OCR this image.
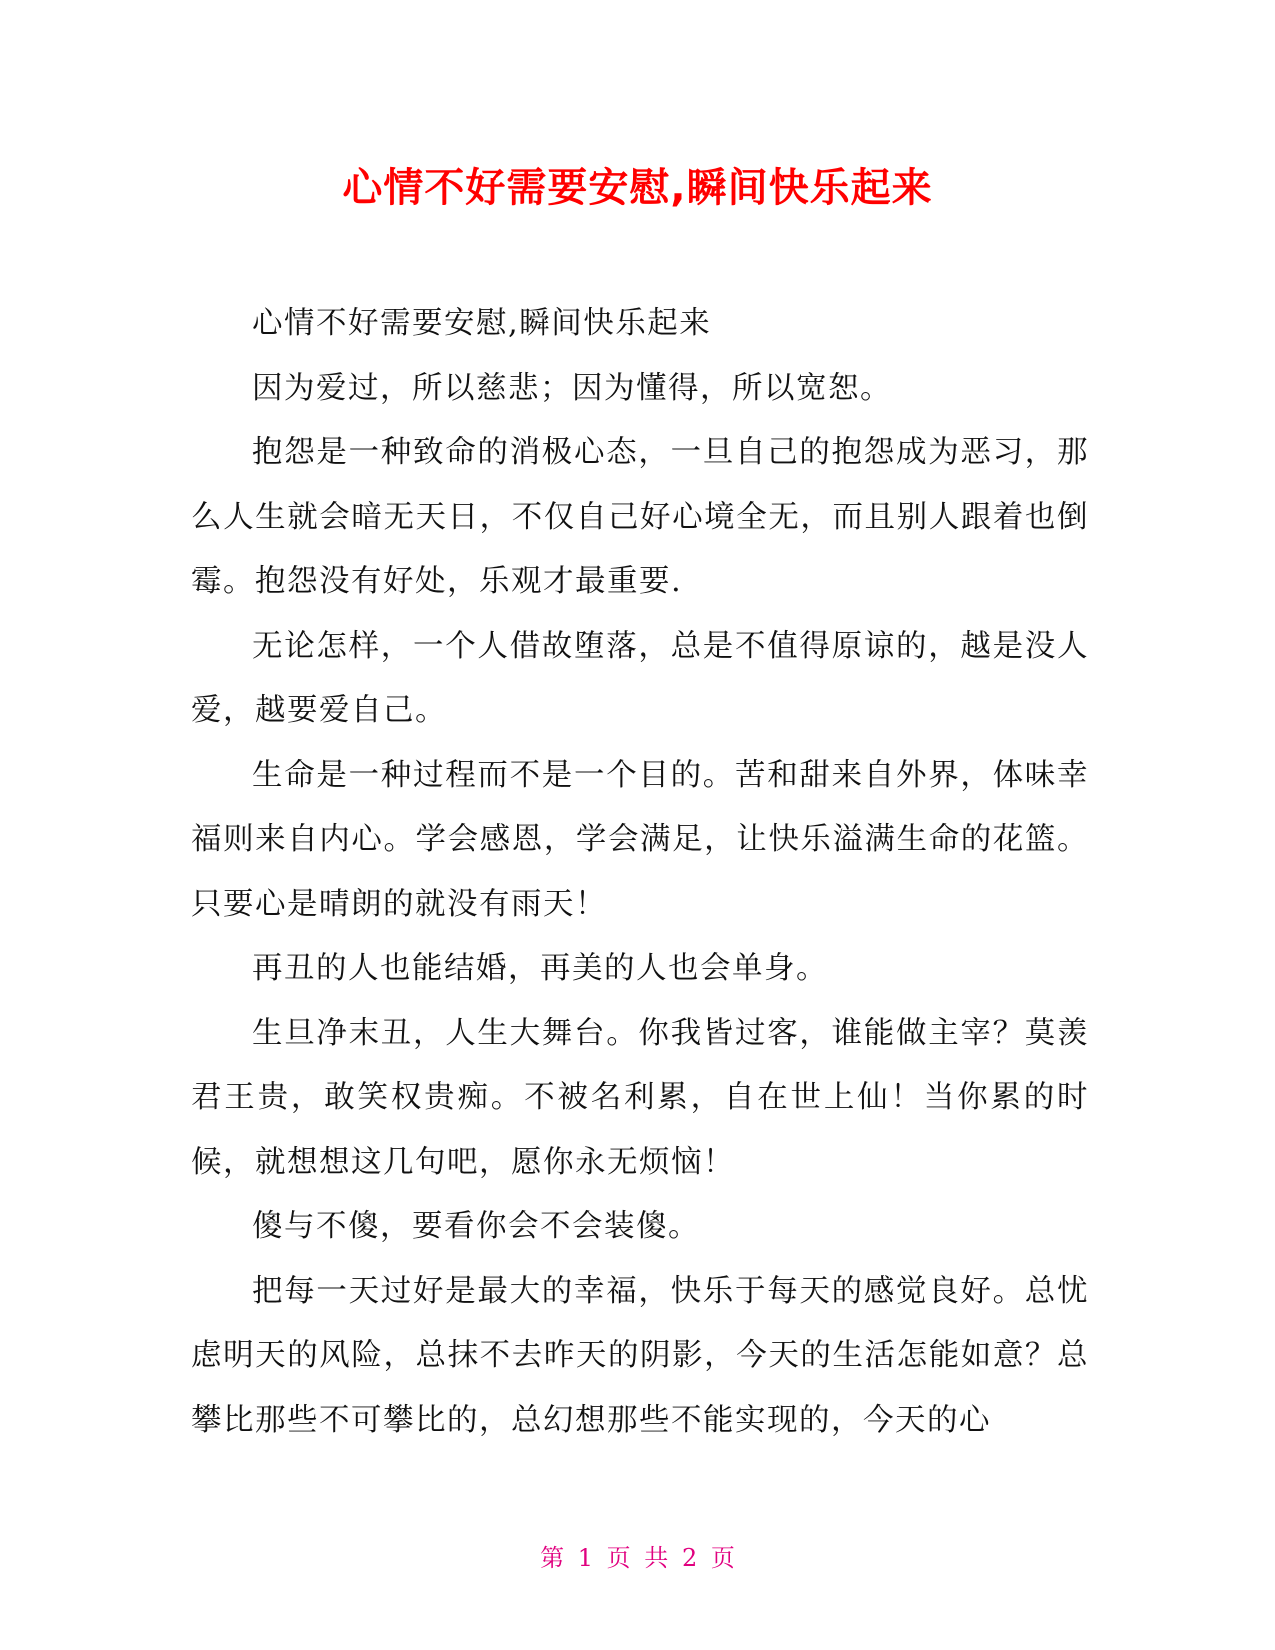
心情不好需要安慰,瞬间快乐起来

心情不好需要安慰,瞬间快乐起来

因为爱过，所以慈悲；因为懂得，所以宽恕。

抱怨是一种致命的消极心态，一旦自己的抱怨成为恶习，那么人生就会暗无天日，不仅自己好心境全无，而且别人跟着也倒霉。抱怨没有好处，乐观才最重要.

无论怎样，一个人借故堕落，总是不值得原谅的，越是没人爱，越要爱自己。

生命是一种过程而不是一个目的。苦和甜来自外界，体味幸福则来自内心。学会感恩，学会满足，让快乐溢满生命的花篮。只要心是晴朗的就没有雨天！

再丑的人也能结婚，再美的人也会单身。

生旦净末丑，人生大舞台。你我皆过客，谁能做主宰？莫羡君王贵，敢笑权贵痴。不被名利累，自在世上仙！当你累的时候，就想想这几句吧，愿你永无烦恼！

傻与不傻，要看你会不会装傻。

把每一天过好是最大的幸福，快乐于每天的感觉良好。总忧虑明天的风险，总抹不去昨天的阴影，今天的生活怎能如意？总攀比那些不可攀比的，总幻想那些不能实现的，今天的心

第 1 页 共 2 页
